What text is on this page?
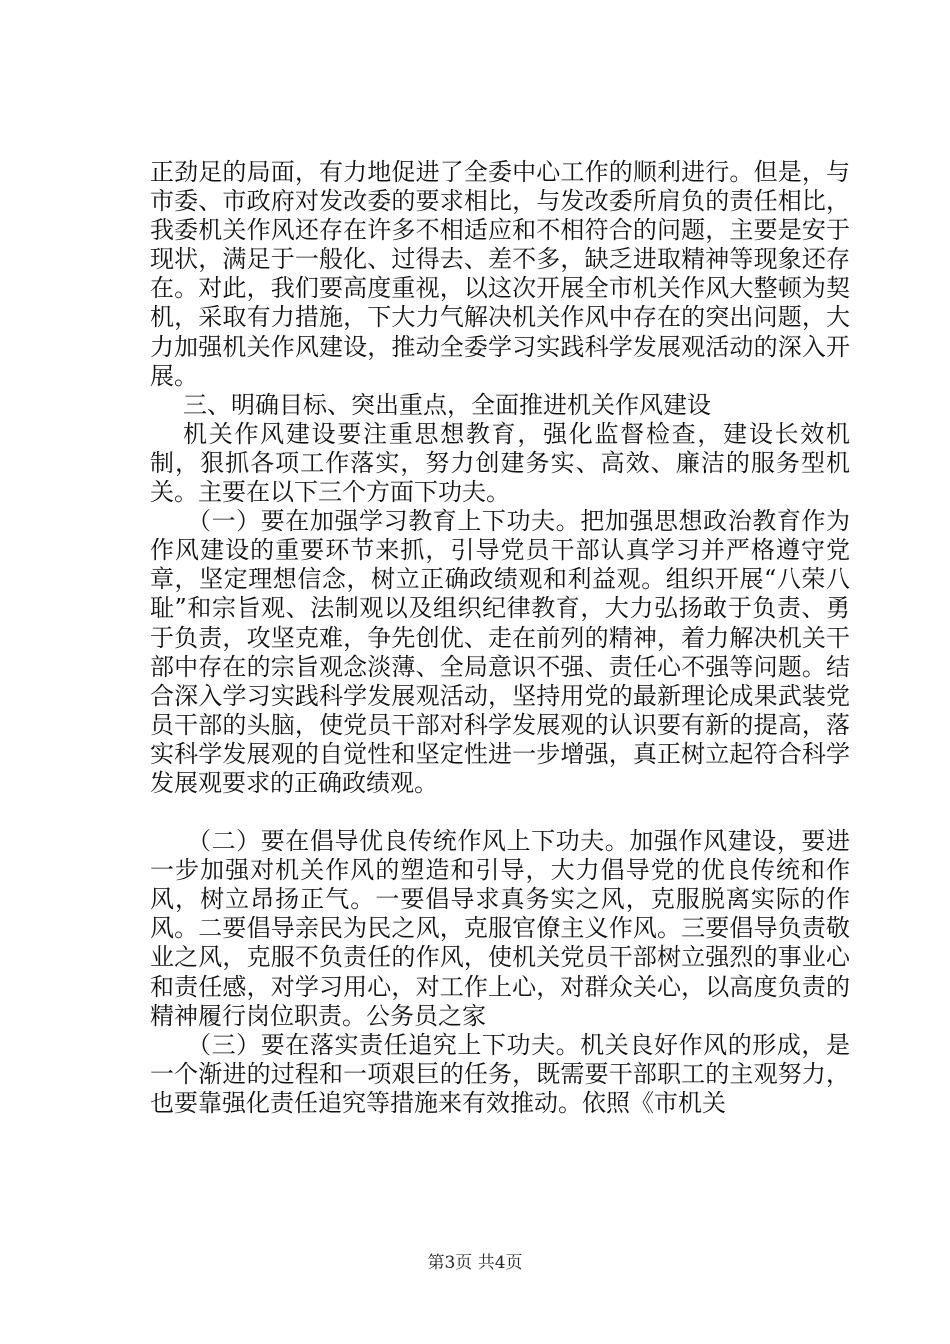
正劲足的局面，有力地促进了全委中心工作的顺利进行。但是，与市委、市政府对发改委的要求相比，与发改委所肩负的责任相比，我委机关作风还存在许多不相适应和不相符合的问题，主要是安于现状，满足于一般化、过得去、差不多，缺乏进取精神等现象还存在。对此，我们要高度重视，以这次开展全市机关作风大整顿为契机，采取有力措施，下大力气解决机关作风中存在的突出问题，大力加强机关作风建设，推动全委学习实践科学发展观活动的深入开展。

三、明确目标、突出重点，全面推进机关作风建设

机关作风建设要注重思想教育，强化监督检查，建设长效机制，狠抓各项工作落实，努力创建务实、高效、廉洁的服务型机关。主要在以下三个方面下功夫。

（一）要在加强学习教育上下功夫。把加强思想政治教育作为作风建设的重要环节来抓，引导党员干部认真学习并严格遵守党章，坚定理想信念，树立正确政绩观和利益观。组织开展“八荣八耻”和宗旨观、法制观以及组织纪律教育，大力弘扬敢于负责、勇于负责，攻坚克难，争先创优、走在前列的精神，着力解决机关干部中存在的宗旨观念淡薄、全局意识不强、责任心不强等问题。结合深入学习实践科学发展观活动，坚持用党的最新理论成果武装党员干部的头脑，使党员干部对科学发展观的认识要有新的提高，落实科学发展观的自觉性和坚定性进一步增强，真正树立起符合科学发展观要求的正确政绩观。

（二）要在倡导优良传统作风上下功夫。加强作风建设，要进一步加强对机关作风的塑造和引导，大力倡导党的优良传统和作风，树立昂扬正气。一要倡导求真务实之风，克服脱离实际的作风。二要倡导亲民为民之风，克服官僚主义作风。三要倡导负责敬业之风，克服不负责任的作风，使机关党员干部树立强烈的事业心和责任感，对学习用心，对工作上心，对群众关心，以高度负责的精神履行岗位职责。公务员之家

（三）要在落实责任追究上下功夫。机关良好作风的形成，是一个渐进的过程和一项艰巨的任务，既需要干部职工的主观努力，也要靠强化责任追究等措施来有效推动。依照《市机关

第3页 共4页
